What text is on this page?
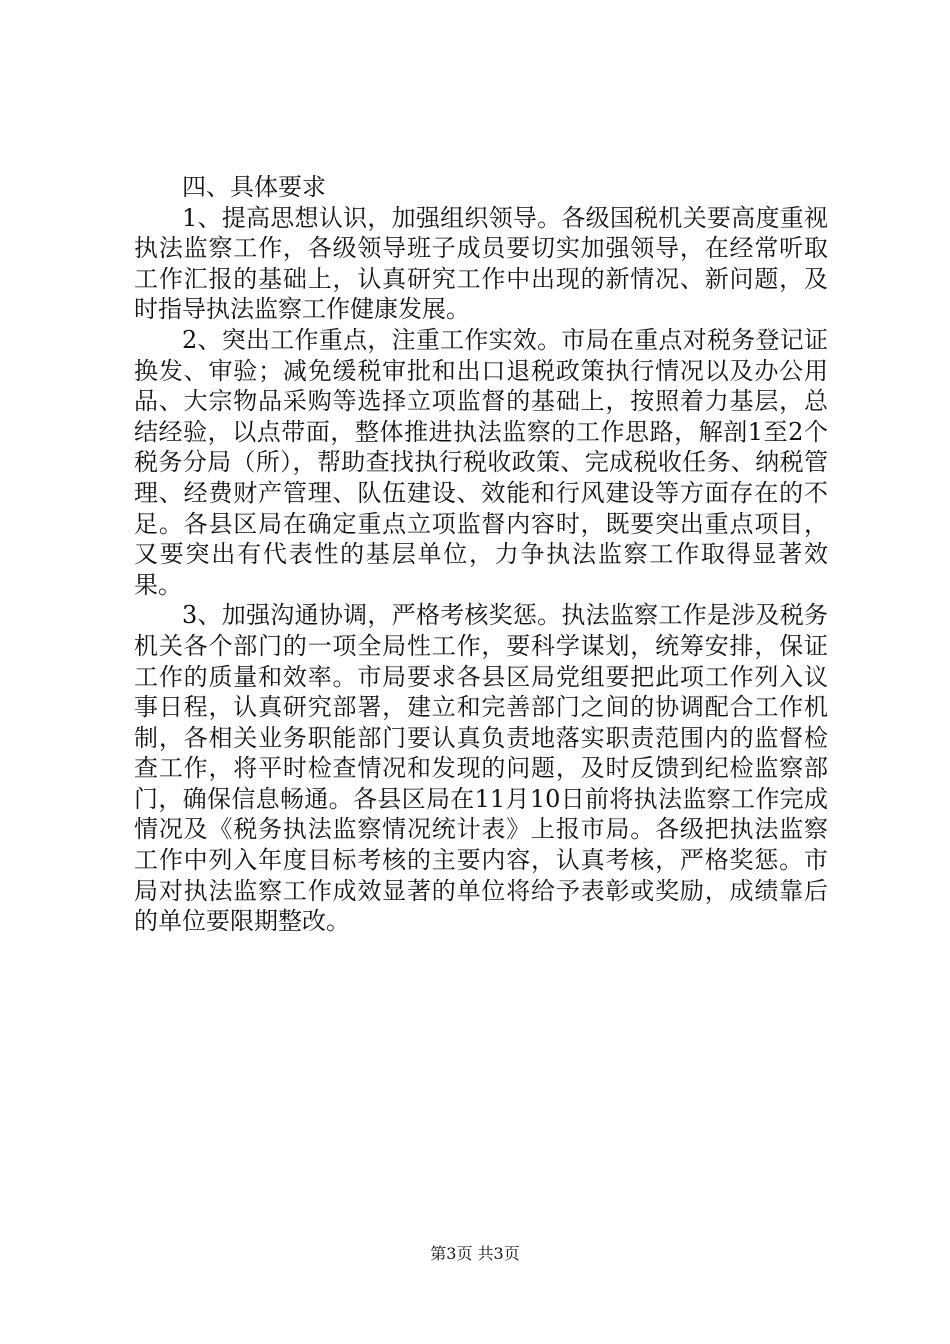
四、具体要求

1、提高思想认识，加强组织领导。各级国税机关要高度重视执法监察工作，各级领导班子成员要切实加强领导，在经常听取工作汇报的基础上，认真研究工作中出现的新情况、新问题，及时指导执法监察工作健康发展。

2、突出工作重点，注重工作实效。市局在重点对税务登记证换发、审验；减免缓税审批和出口退税政策执行情况以及办公用品、大宗物品采购等选择立项监督的基础上，按照着力基层，总结经验，以点带面，整体推进执法监察的工作思路，解剖1至2个税务分局（所），帮助查找执行税收政策、完成税收任务、纳税管理、经费财产管理、队伍建设、效能和行风建设等方面存在的不足。各县区局在确定重点立项监督内容时，既要突出重点项目，又要突出有代表性的基层单位，力争执法监察工作取得显著效果。

3、加强沟通协调，严格考核奖惩。执法监察工作是涉及税务机关各个部门的一项全局性工作，要科学谋划，统筹安排，保证工作的质量和效率。市局要求各县区局党组要把此项工作列入议事日程，认真研究部署，建立和完善部门之间的协调配合工作机制，各相关业务职能部门要认真负责地落实职责范围内的监督检查工作，将平时检查情况和发现的问题，及时反馈到纪检监察部门，确保信息畅通。各县区局在11月10日前将执法监察工作完成情况及《税务执法监察情况统计表》上报市局。各级把执法监察工作中列入年度目标考核的主要内容，认真考核，严格奖惩。市局对执法监察工作成效显著的单位将给予表彰或奖励，成绩靠后的单位要限期整改。

第3页 共3页
